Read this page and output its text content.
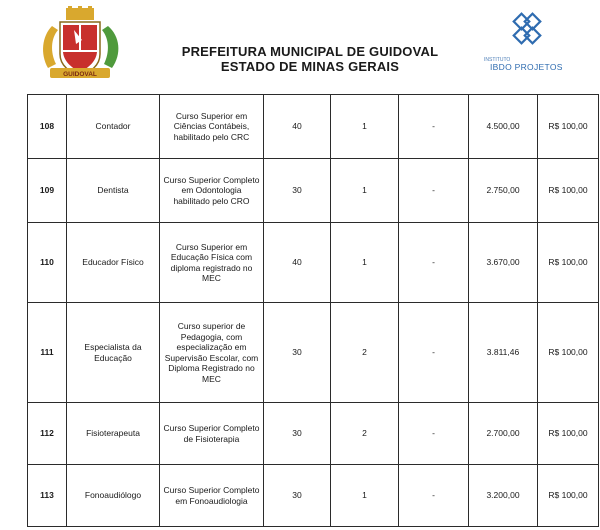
GUIDOVAL
PREFEITURA MUNICIPAL DE GUIDOVAL
ESTADO DE MINAS GERAIS	INSTITUTO
IBDO PROJETOS
108	Contador	Curso Superior em Ciências Contábeis, habilitado pelo CRC	40	1	-	4.500,00	R$ 100,00
109	Dentista	Curso Superior Completo em Odontologia habilitado pelo CRO	30	1	-	2.750,00	R$ 100,00
110	Educador Físico	Curso Superior em Educação Física com diploma registrado no MEC	40	1	-	3.670,00	R$ 100,00
111	Especialista da Educação	Curso superior de Pedagogia, com especialização em Supervisão Escolar, com Diploma Registrado no MEC	30	2	-	3.811,46	R$ 100,00
112	Fisioterapeuta	Curso Superior Completo de Fisioterapia	30	2	-	2.700,00	R$ 100,00
113	Fonoaudiólogo	Curso Superior Completo em Fonoaudiologia	30	1	-	3.200,00	R$ 100,00
